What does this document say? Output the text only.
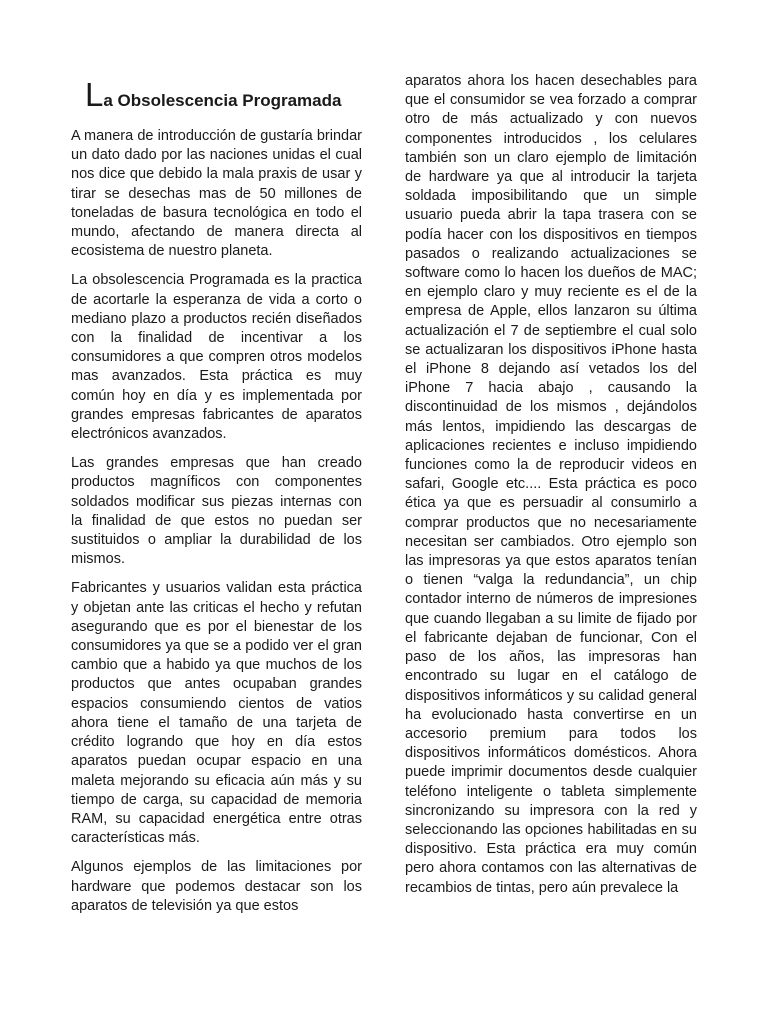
La Obsolescencia Programada

A manera de introducción de gustaría brindar un dato dado por las naciones unidas el cual nos dice que debido la mala praxis de usar y tirar se desechas mas de 50 millones de toneladas de basura tecnológica en todo el mundo, afectando de manera directa al ecosistema de nuestro planeta.

La obsolescencia Programada es la practica de acortarle la esperanza de vida a corto o mediano plazo a productos recién diseñados con la finalidad de incentivar a los consumidores a que compren otros modelos mas avanzados. Esta práctica es muy común hoy en día y es implementada por grandes empresas fabricantes de aparatos electrónicos avanzados.

Las grandes empresas que han creado productos magníficos con componentes soldados modificar sus piezas internas con la finalidad de que estos no puedan ser sustituidos o ampliar la durabilidad de los mismos.

Fabricantes y usuarios validan esta práctica y objetan ante las criticas el hecho y refutan asegurando que es por el bienestar de los consumidores ya que se a podido ver el gran cambio que a habido ya que muchos de los productos que antes ocupaban grandes espacios consumiendo cientos de vatios ahora tiene el tamaño de una tarjeta de crédito logrando que hoy en día estos aparatos puedan ocupar espacio en una maleta mejorando su eficacia aún más y su tiempo de carga, su capacidad de memoria RAM, su capacidad energética entre otras características más.

Algunos ejemplos de las limitaciones por hardware que podemos destacar son los aparatos de televisión ya que estos

aparatos ahora los hacen desechables para que el consumidor se vea forzado a comprar otro de más actualizado y con nuevos componentes introducidos , los celulares también son un claro ejemplo de limitación de hardware ya que al introducir la tarjeta soldada imposibilitando que un simple usuario pueda abrir la tapa trasera con se podía hacer con los dispositivos en tiempos pasados o realizando actualizaciones se software como lo hacen los dueños de MAC; en ejemplo claro y muy reciente es el de la empresa de Apple, ellos lanzaron su última actualización el 7 de septiembre el cual solo se actualizaran los dispositivos iPhone hasta el iPhone 8 dejando así vetados los del iPhone 7 hacia abajo , causando la discontinuidad de los mismos , dejándolos más lentos, impidiendo las descargas de aplicaciones recientes e incluso impidiendo funciones como la de reproducir videos en safari, Google etc.... Esta práctica es poco ética ya que es persuadir al consumirlo a comprar productos que no necesariamente necesitan ser cambiados. Otro ejemplo son las impresoras ya que estos aparatos tenían o tienen “valga la redundancia”, un chip contador interno de números de impresiones que cuando llegaban a su limite de fijado por el fabricante dejaban de funcionar, Con el paso de los años, las impresoras han encontrado su lugar en el catálogo de dispositivos informáticos y su calidad general ha evolucionado hasta convertirse en un accesorio premium para todos los dispositivos informáticos domésticos. Ahora puede imprimir documentos desde cualquier teléfono inteligente o tableta simplemente sincronizando su impresora con la red y seleccionando las opciones habilitadas en su dispositivo. Esta práctica era muy común pero ahora contamos con las alternativas de recambios de tintas, pero aún prevalece la
